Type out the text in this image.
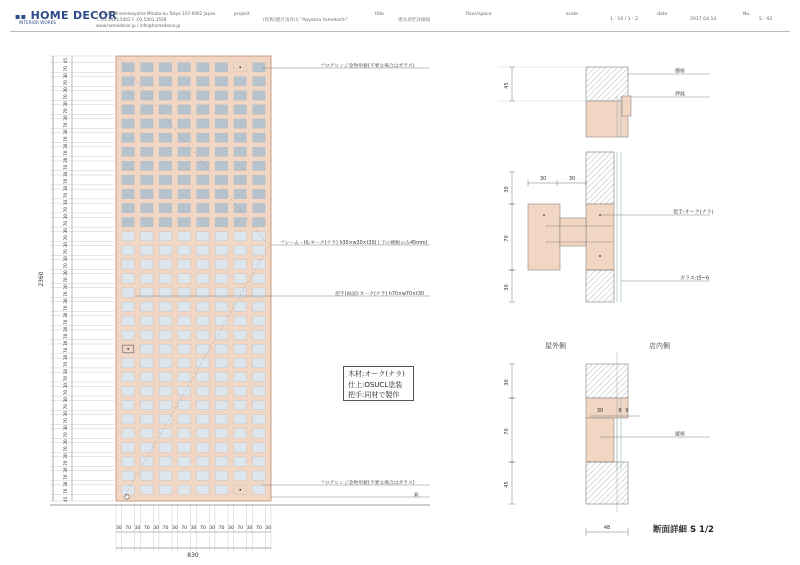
▪▪ HOME DECOR
INTERIOR WORKS
1-15-37 Minamiaoyama Minato-ku Tokyo 107-0062 Japan
T :03.5413.5402 F :03.5401.3558
www.homedecor.jp / info@homedecor.jp
project
(仮称)港区南青山 "Aoyama Yumekichi"
title
建具意匠詳細図
floor/space	scale
1 : 10 / 1 : 2
date
2017.04.14
No.
S - 02
2360
45
70
30
70
30
70
30
70
30
70
30
70
30
70
30
70
30
70
30
70
30
70
30
70
30
70
30
70
30
70
30
70
30
70
30
70
30
70
30
70
30
70
30
70
30
70
30
70
30
70
30
70
30
70
30
70
30
70
30
70
30
70
45
30 70 30 70 30 70 30 70 30 70 30 70 30 70 30 70 30
830
フロアヒンジ金物用板(不要な場合はガラス)
フレーム・桟:オーク(ナラ) h30×w30×t30(上下の横框のみ45mm)
把手(両面):オーク(ナラ) h70×w70×t30
フロアヒンジ金物用板(不要な場合はガラス)
鋲
45
横框
押縁
30	30
30
70
30
把手:オーク(ナラ)
ガラス:t5~6
30	8 9
30
70
45
縦框
48
木材:オーク(ナラ)
仕上:OSUCL塗装
把手:同材で製作
屋外側	店内側
断面詳細 S 1/2
